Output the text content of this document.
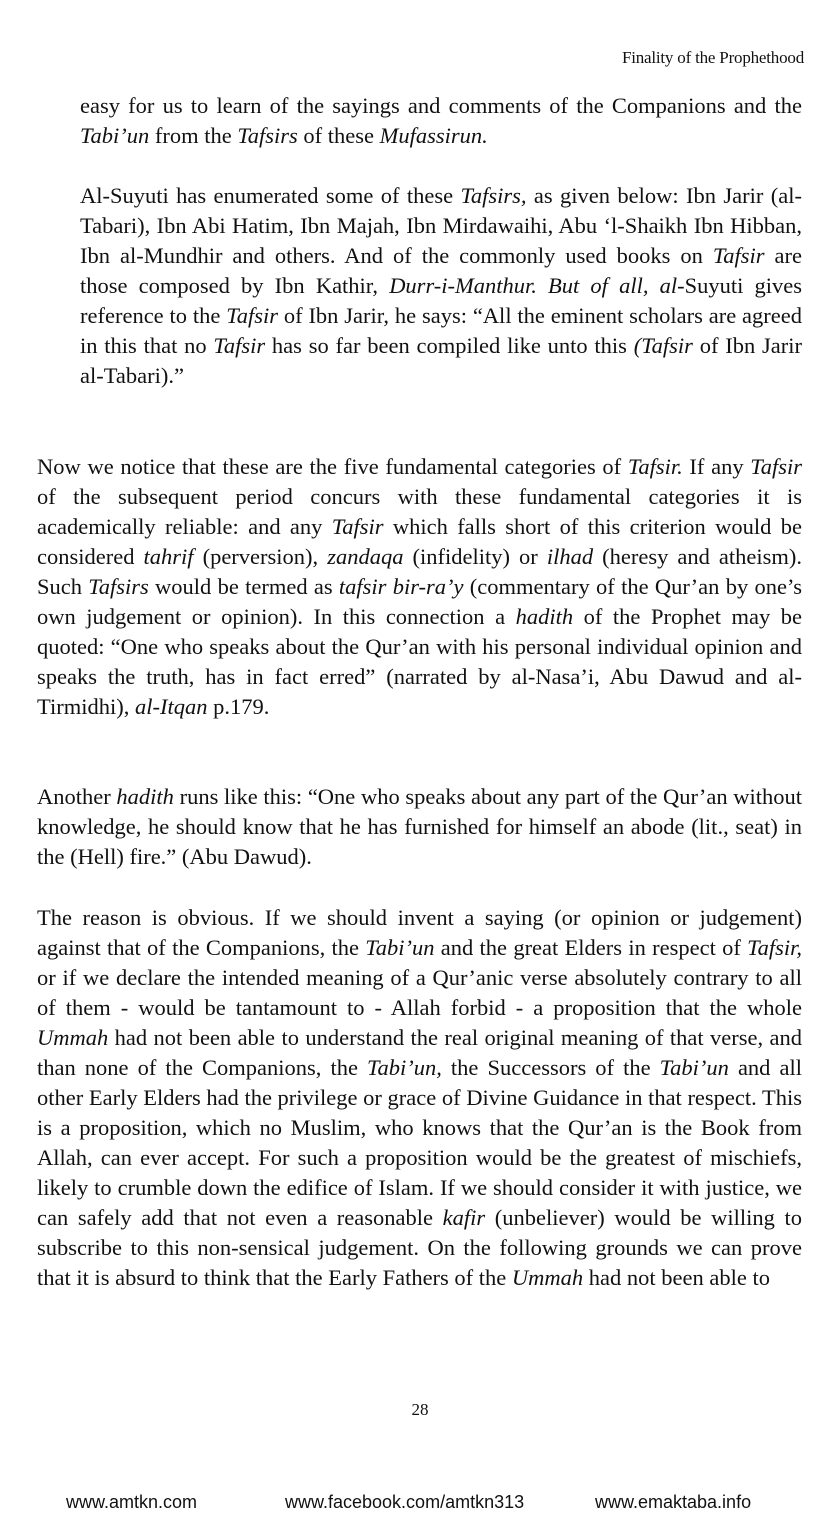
Finality of the Prophethood

easy for us to learn of the sayings and comments of the Companions and the Tabi’un from the Tafsirs of these Mufassirun.

Al-Suyuti has enumerated some of these Tafsirs, as given below: Ibn Jarir (al-Tabari), Ibn Abi Hatim, Ibn Majah, Ibn Mirdawaihi, Abu ‘l-Shaikh Ibn Hibban, Ibn al-Mundhir and others. And of the commonly used books on Tafsir are those composed by Ibn Kathir, Durr-i-Manthur. But of all, al-Suyuti gives reference to the Tafsir of Ibn Jarir, he says: “All the eminent scholars are agreed in this that no Tafsir has so far been compiled like unto this (Tafsir of Ibn Jarir al-Tabari).”

Now we notice that these are the five fundamental categories of Tafsir. If any Tafsir of the subsequent period concurs with these fundamental categories it is academically reliable: and any Tafsir which falls short of this criterion would be considered tahrif (perversion), zandaqa (infidelity) or ilhad (heresy and atheism). Such Tafsirs would be termed as tafsir bir-ra’y (commentary of the Qur’an by one’s own judgement or opinion). In this connection a hadith of the Prophet may be quoted: “One who speaks about the Qur’an with his personal individual opinion and speaks the truth, has in fact erred” (narrated by al-Nasa’i, Abu Dawud and al-Tirmidhi), al-Itqan p.179.

Another hadith runs like this: “One who speaks about any part of the Qur’an without knowledge, he should know that he has furnished for himself an abode (lit., seat) in the (Hell) fire.” (Abu Dawud).

The reason is obvious. If we should invent a saying (or opinion or judgement) against that of the Companions, the Tabi’un and the great Elders in respect of Tafsir, or if we declare the intended meaning of a Qur’anic verse absolutely contrary to all of them - would be tantamount to - Allah forbid - a proposition that the whole Ummah had not been able to understand the real original meaning of that verse, and than none of the Companions, the Tabi’un, the Successors of the Tabi’un and all other Early Elders had the privilege or grace of Divine Guidance in that respect. This is a proposition, which no Muslim, who knows that the Qur’an is the Book from Allah, can ever accept. For such a proposition would be the greatest of mischiefs, likely to crumble down the edifice of Islam. If we should consider it with justice, we can safely add that not even a reasonable kafir (unbeliever) would be willing to subscribe to this non-sensical judgement. On the following grounds we can prove that it is absurd to think that the Early Fathers of the Ummah had not been able to

28
www.amtkn.com	www.facebook.com/amtkn313	www.emaktaba.info
